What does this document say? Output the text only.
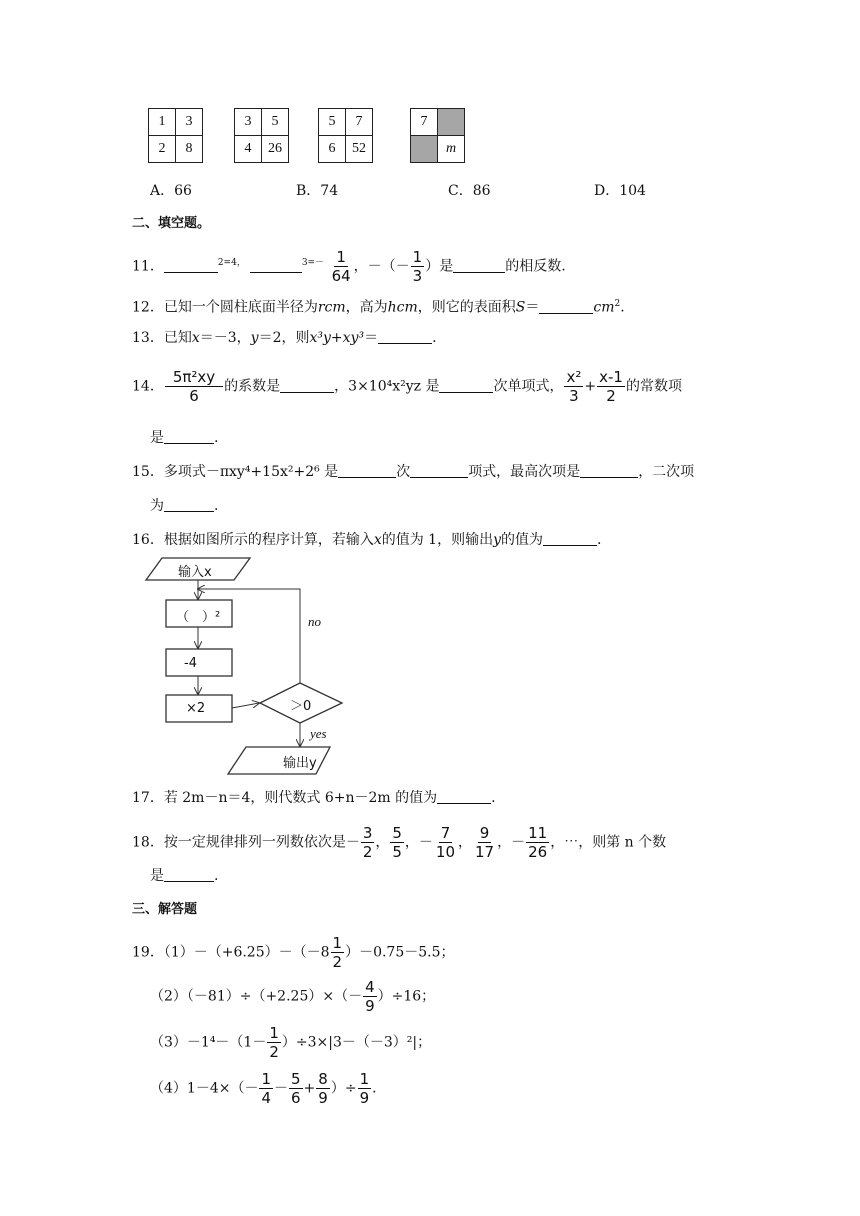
1	3
2	8
3	5
4	26
5	7
6	52
7	
	m
A．66	B．74	C．86	D．104
二、填空题。
11．	$^{2=4,}$	$^{3=-} \frac{1}{64}$ ，－（－ $\frac{1}{3}$ ）是	的相反数.
12．已知一个圆柱底面半径为rcm，高为hcm，则它的表面积S＝	$cm^2$.
13．已知x＝－3，y＝2，则x³y+xy³＝	.
14． $\frac{\text{5π²xy}}{6}$ 的系数是	，3×10⁴x²yz 是	次单项式， $\frac{\text{x²}}{3} + \frac{x-1}{2}$ 的常数项
是	.
15．多项式－πxy⁴+15x²+2⁶ 是	次	项式，最高次项是	，二次项
为	.
16．根据如图所示的程序计算，若输入x的值为 1，则输出y的值为	.
输入x
（　）²
-4
×2	＞0
no
yes
输出y
17．若 2m－n＝4，则代数式 6+n－2m 的值为	.
18．按一定规律排列一列数依次是－ $\frac{3}{2}$ ， $\frac{5}{5}$ ，－ $\frac{7}{10}$ ， $\frac{9}{17}$ ，－ $\frac{11}{26}$ ，⋯，则第 n 个数
是	.
三、解答题
19．$(1)-(+6.25)-(-8 \frac{1}{2} )-0.75-5.5$；
$(2)(-81)\div(+2.25)\times(- \frac{4}{9} )\div 16$；
$(3)-1^4-(1- \frac{1}{2} )\div 3\times|3-(-3)^2|$；
$(4)1-4\times(- \frac{1}{4} - \frac{5}{6} + \frac{8}{9}$ ）÷ $\frac{1}{9}$ .
